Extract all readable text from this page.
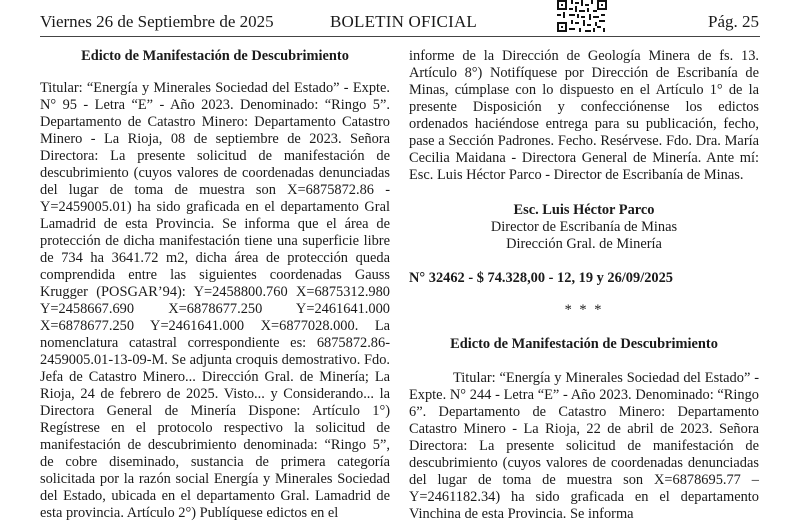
Viernes 26 de Septiembre de 2025	BOLETIN OFICIAL	Pág. 25

Edicto de Manifestación de Descubrimiento

Titular: “Energía y Minerales Sociedad del Estado” - Expte. N° 95 - Letra “E” - Año 2023. Denominado: “Ringo 5”. Departamento de Catastro Minero: Departamento Catastro Minero - La Rioja, 08 de septiembre de 2023. Señora Directora: La presente solicitud de manifestación de descubrimiento (cuyos valores de coordenadas denunciadas del lugar de toma de muestra son X=6875872.86 - Y=2459005.01) ha sido graficada en el departamento Gral Lamadrid de esta Provincia. Se informa que el área de protección de dicha manifestación tiene una superficie libre de 734 ha 3641.72 m2, dicha área de protección queda comprendida entre las siguientes coordenadas Gauss Krugger (POSGAR’94): Y=2458800.760 X=6875312.980 Y=2458667.690 X=6878677.250 Y=2461641.000 X=6878677.250 Y=2461641.000 X=6877028.000. La nomenclatura catastral correspondiente es: 6875872.86-2459005.01-13-09-M. Se adjunta croquis demostrativo. Fdo. Jefa de Catastro Minero... Dirección Gral. de Minería; La Rioja, 24 de febrero de 2025. Visto... y Considerando... la Directora General de Minería Dispone: Artículo 1°) Regístrese en el protocolo respectivo la solicitud de manifestación de descubrimiento denominada: “Ringo 5”, de cobre diseminado, sustancia de primera categoría solicitada por la razón social Energía y Minerales Sociedad del Estado, ubicada en el departamento Gral. Lamadrid de esta provincia. Artículo 2°) Publíquese edictos en el

informe de la Dirección de Geología Minera de fs. 13. Artículo 8°) Notifíquese por Dirección de Escribanía de Minas, cúmplase con lo dispuesto en el Artículo 1° de la presente Disposición y confecciónense los edictos ordenados haciéndose entrega para su publicación, fecho, pase a Sección Padrones. Fecho. Resérvese. Fdo. Dra. María Cecilia Maidana - Directora General de Minería. Ante mí: Esc. Luis Héctor Parco - Director de Escribanía de Minas.

Esc. Luis Héctor Parco

Director de Escribanía de Minas

Dirección Gral. de Minería

N° 32462 - $ 74.328,00 - 12, 19 y 26/09/2025

* * *

Edicto de Manifestación de Descubrimiento

Titular: “Energía y Minerales Sociedad del Estado” - Expte. N° 244 - Letra “E” - Año 2023. Denominado: “Ringo 6”. Departamento de Catastro Minero: Departamento Catastro Minero - La Rioja, 22 de abril de 2023. Señora Directora: La presente solicitud de manifestación de descubrimiento (cuyos valores de coordenadas denunciadas del lugar de toma de muestra son X=6878695.77 – Y=2461182.34) ha sido graficada en el departamento Vinchina de esta Provincia. Se informa
